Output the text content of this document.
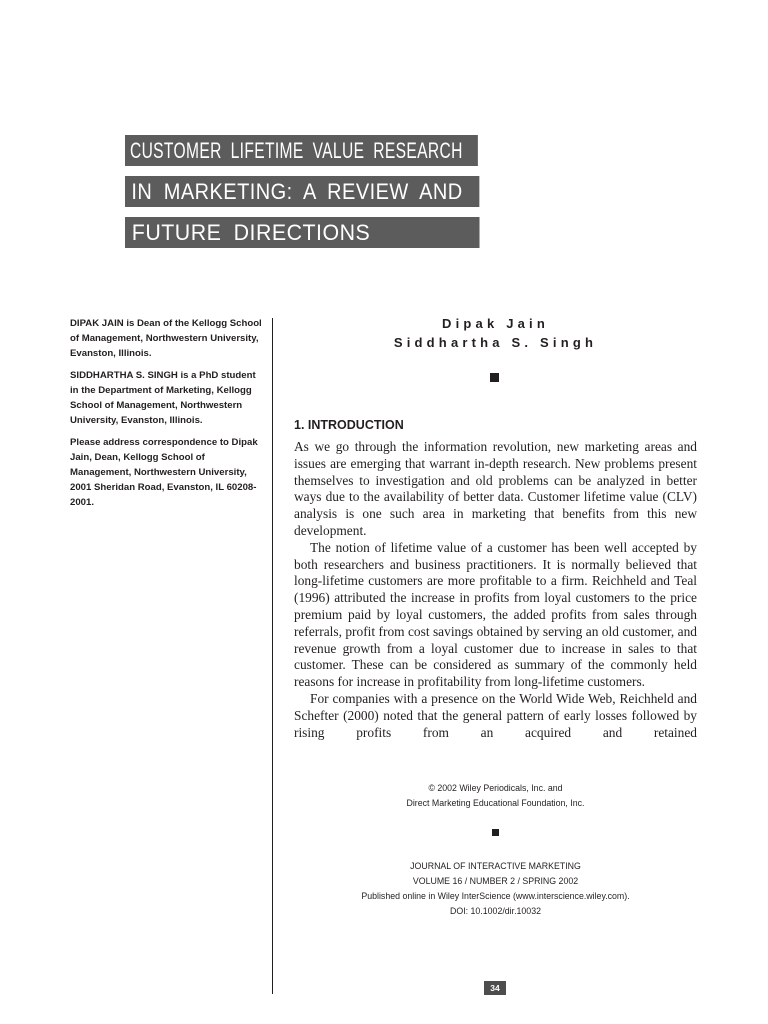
CUSTOMER LIFETIME VALUE RESEARCH
IN MARKETING: A REVIEW AND
FUTURE DIRECTIONS

DIPAK JAIN is Dean of the Kellogg School of Management, Northwestern University, Evanston, Illinois.

SIDDHARTHA S. SINGH is a PhD student in the Department of Marketing, Kellogg School of Management, Northwestern University, Evanston, Illinois.

Please address correspondence to Dipak Jain, Dean, Kellogg School of Management, Northwestern University, 2001 Sheridan Road, Evanston, IL 60208-2001.

Dipak Jain
Siddhartha S. Singh
1. INTRODUCTION

As we go through the information revolution, new marketing areas and issues are emerging that warrant in-depth research. New problems present themselves to investigation and old problems can be analyzed in better ways due to the availability of better data. Customer lifetime value (CLV) analysis is one such area in marketing that benefits from this new development.

The notion of lifetime value of a customer has been well accepted by both researchers and business practitioners. It is normally believed that long-lifetime customers are more profitable to a firm. Reichheld and Teal (1996) attributed the increase in profits from loyal customers to the price premium paid by loyal customers, the added profits from sales through referrals, profit from cost savings obtained by serving an old customer, and revenue growth from a loyal customer due to increase in sales to that customer. These can be considered as summary of the commonly held reasons for increase in profitability from long-lifetime customers.

For companies with a presence on the World Wide Web, Reichheld and Schefter (2000) noted that the general pattern of early losses followed by rising profits from an acquired and retained

© 2002 Wiley Periodicals, Inc. and
Direct Marketing Educational Foundation, Inc.
JOURNAL OF INTERACTIVE MARKETING
VOLUME 16 / NUMBER 2 / SPRING 2002
Published online in Wiley InterScience (www.interscience.wiley.com).
DOI: 10.1002/dir.10032
34
